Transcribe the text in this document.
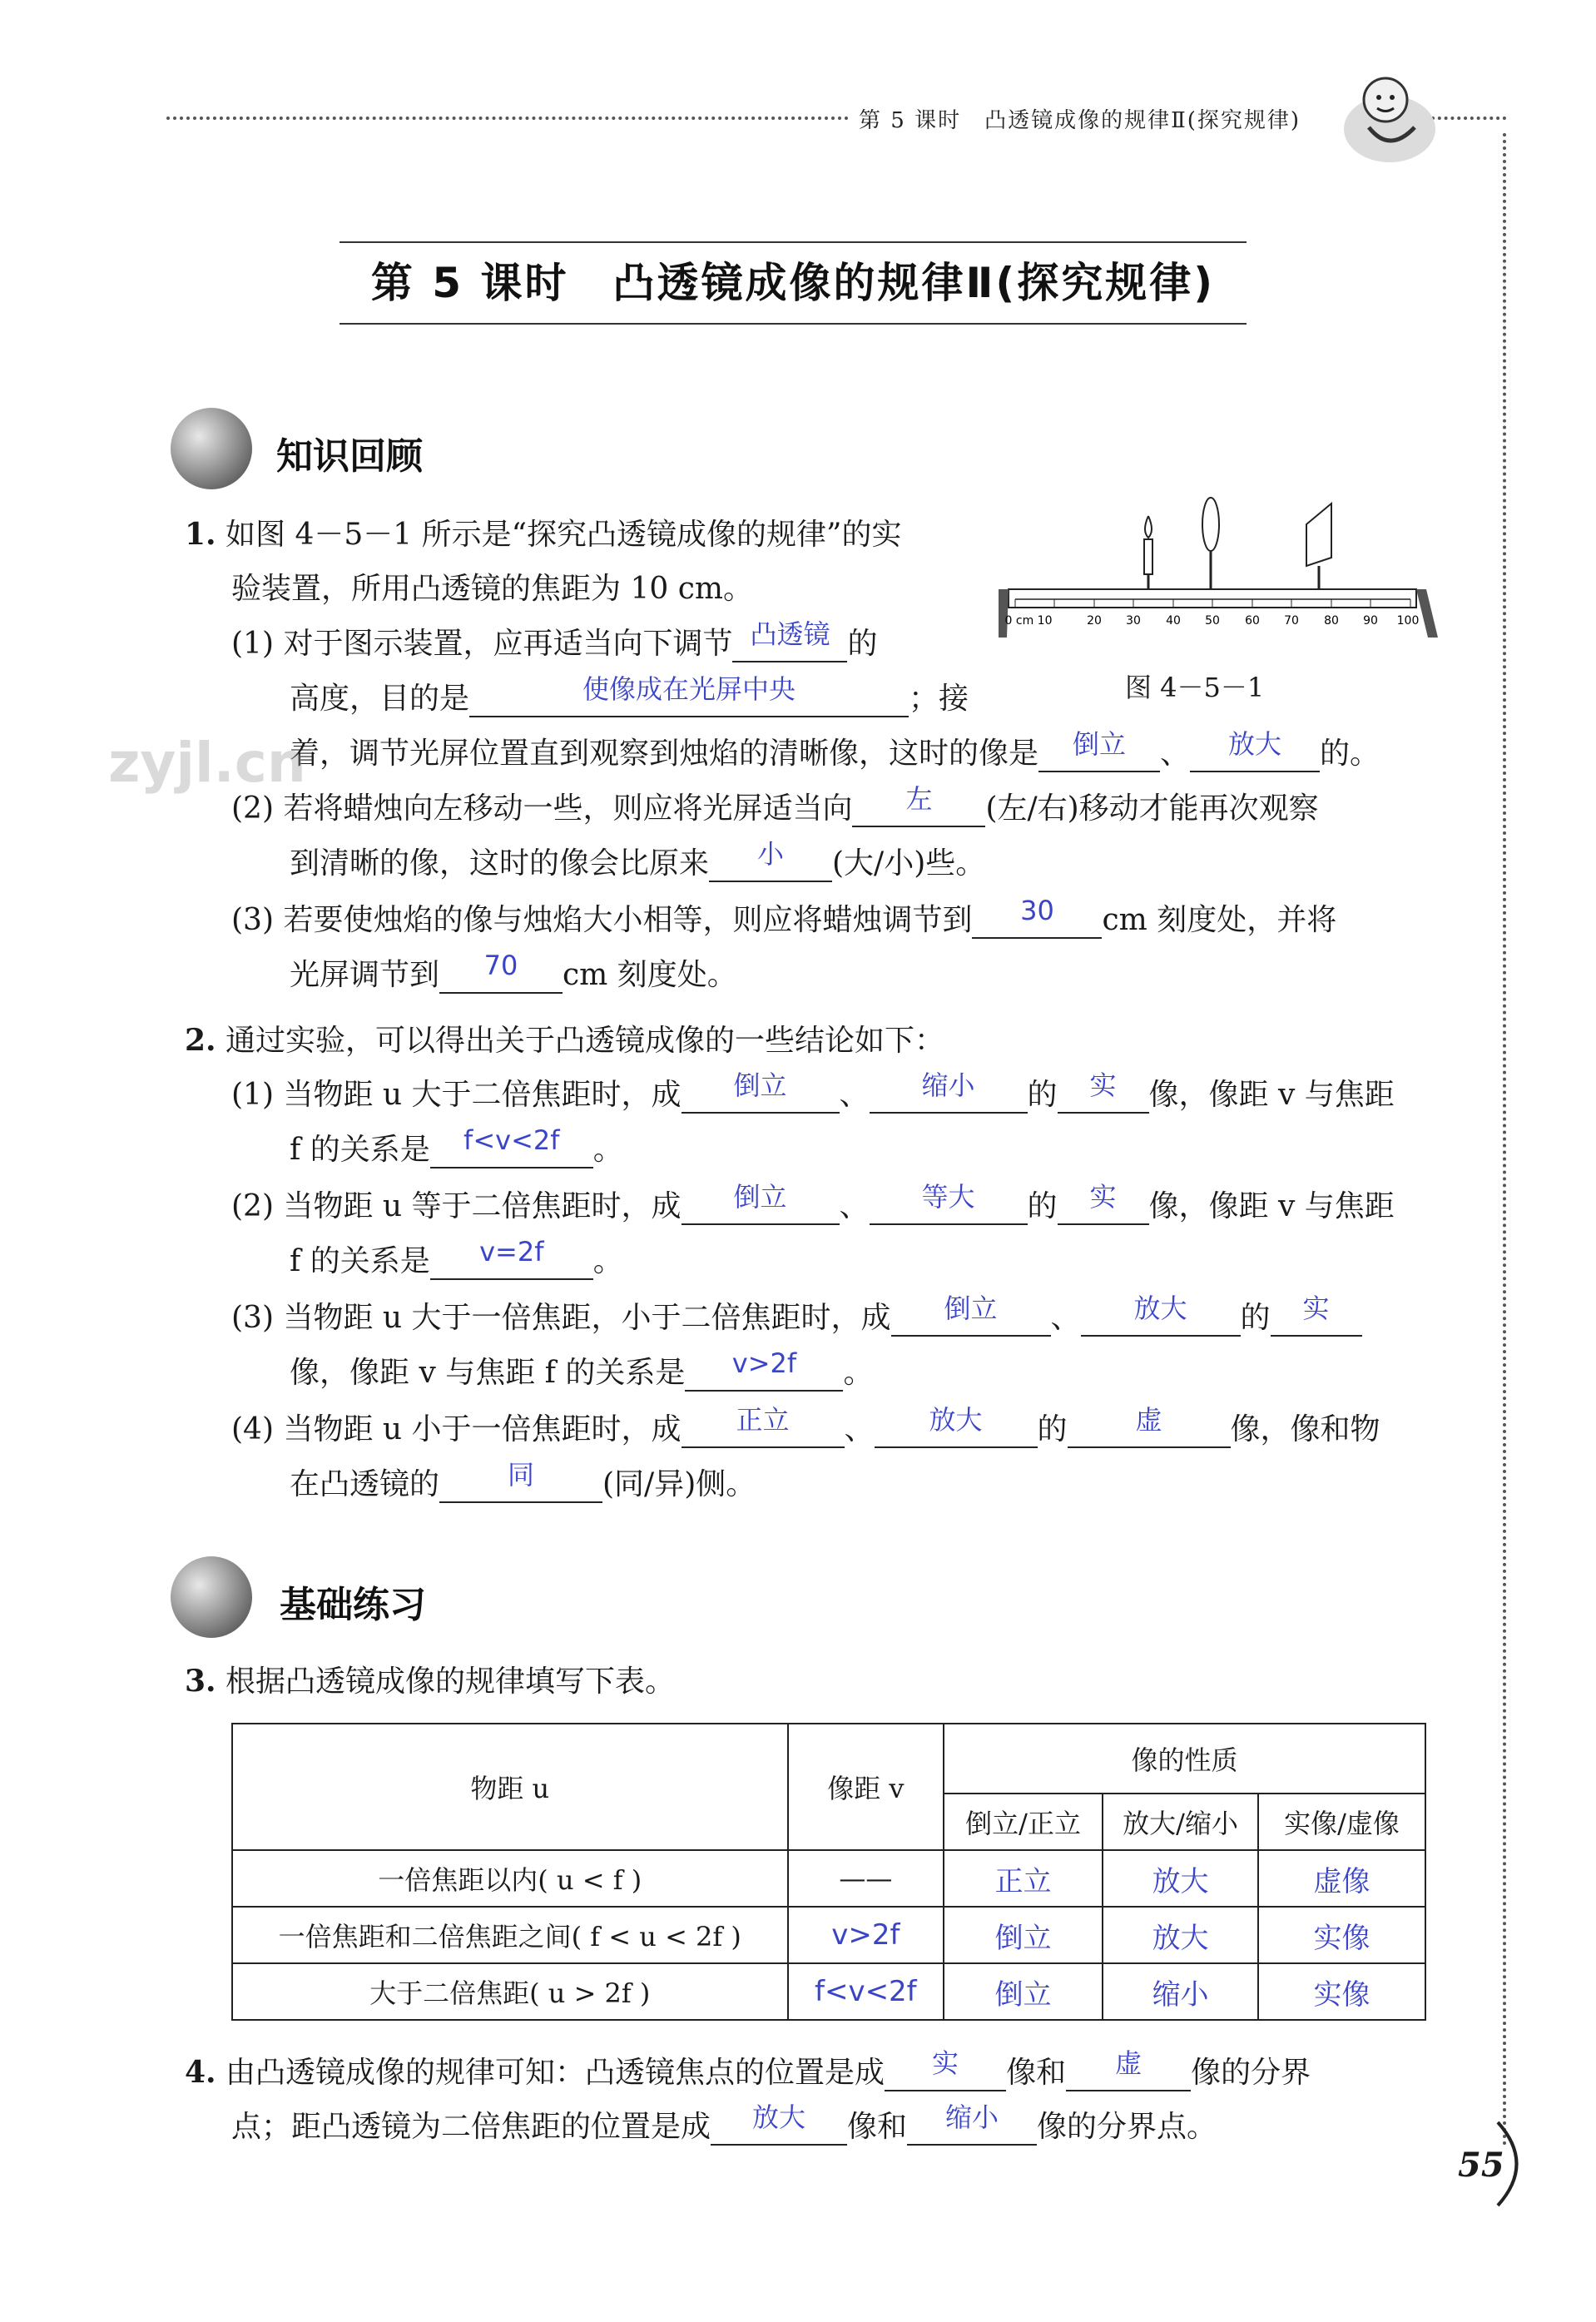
第 5 课时　凸透镜成像的规律Ⅱ(探究规律)
第 5 课时　凸透镜成像的规律Ⅱ(探究规律)
知识回顾
0 cm 10	20 30 40 50 60 70 80 90 100
图 4－5－1
1. 如图 4－5－1 所示是“探究凸透镜成像的规律”的实
验装置，所用凸透镜的焦距为 10 cm。
(1) 对于图示装置，应再适当向下调节 凸透镜 的
高度，目的是	使像成在光屏中央	；接
着，调节光屏位置直到观察到烛焰的清晰像，这时的像是	倒立	、	放大	的。
(2) 若将蜡烛向左移动一些，则应将光屏适当向	左	(左/右)移动才能再次观察
到清晰的像，这时的像会比原来	小	(大/小)些。
(3) 若要使烛焰的像与烛焰大小相等，则应将蜡烛调节到	30	cm 刻度处，并将
光屏调节到	70	cm 刻度处。
zyjl.cn
2. 通过实验，可以得出关于凸透镜成像的一些结论如下：
(1) 当物距 u 大于二倍焦距时，成	倒立	、	缩小	的	实	像，像距 v 与焦距
f 的关系是	f<v<2f	。
(2) 当物距 u 等于二倍焦距时，成	倒立	、	等大	的	实	像，像距 v 与焦距
f 的关系是	v=2f	。
(3) 当物距 u 大于一倍焦距，小于二倍焦距时，成	倒立	、	放大	的	实
像，像距 v 与焦距 f 的关系是	v>2f	。
(4) 当物距 u 小于一倍焦距时，成	正立	、	放大	的	虚	像，像和物
在凸透镜的	同	(同/异)侧。
基础练习
3. 根据凸透镜成像的规律填写下表。
物距 u	像距 v	像的性质		
		倒立/正立	放大/缩小	实像/虚像
一倍焦距以内( u < f )	——	正立	放大	虚像
一倍焦距和二倍焦距之间( f < u < 2f )	v>2f	倒立	放大	实像
大于二倍焦距( u > 2f )	f<v<2f	倒立	缩小	实像
4. 由凸透镜成像的规律可知：凸透镜焦点的位置是成	实	像和	虚	像的分界
点；距凸透镜为二倍焦距的位置是成	放大	像和	缩小	像的分界点。
55
